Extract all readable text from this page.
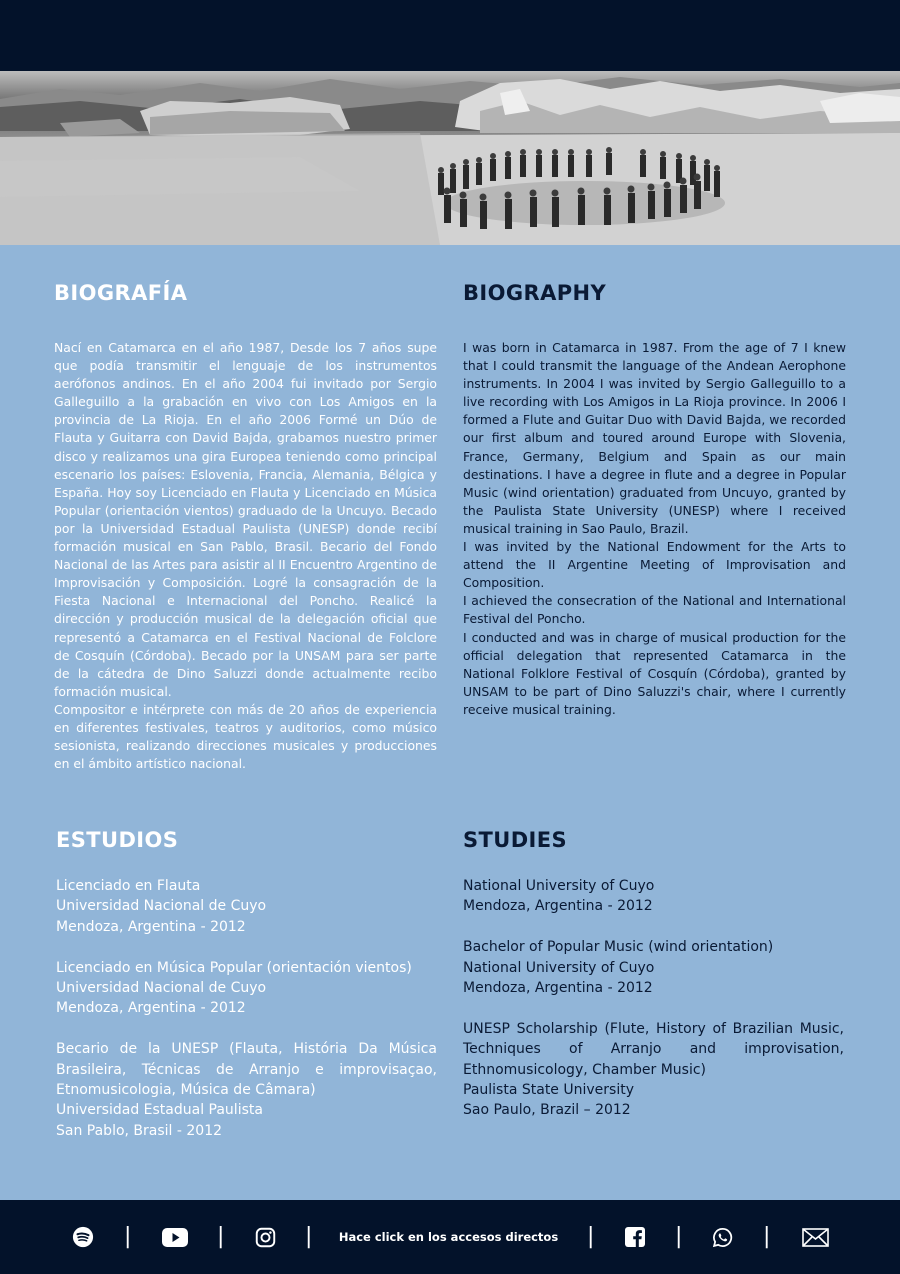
BIOGRAFÍA

Nací en Catamarca en el año 1987, Desde los 7 años supe que podía transmitir el lenguaje de los instrumentos aerófonos andinos. En el año 2004 fui invitado por Sergio Galleguillo a la grabación en vivo con Los Amigos en la provincia de La Rioja. En el año 2006 Formé un Dúo de Flauta y Guitarra con David Bajda, grabamos nuestro primer disco y realizamos una gira Europea teniendo como principal escenario los países: Eslovenia, Francia, Alemania, Bélgica y España. Hoy soy Licenciado en Flauta y Licenciado en Música Popular (orientación vientos) graduado de la Uncuyo. Becado por la Universidad Estadual Paulista (UNESP) donde recibí formación musical en San Pablo, Brasil. Becario del Fondo Nacional de las Artes para asistir al II Encuentro Argentino de Improvisación y Composición. Logré la consagración de la Fiesta Nacional e Internacional del Poncho. Realicé la dirección y producción musical de la delegación oficial que representó a Catamarca en el Festival Nacional de Folclore de Cosquín (Córdoba). Becado por la UNSAM para ser parte de la cátedra de Dino Saluzzi donde actualmente recibo formación musical.

Compositor e intérprete con más de 20 años de experiencia en diferentes festivales, teatros y auditorios, como músico sesionista, realizando direcciones musicales y producciones en el ámbito artístico nacional.

BIOGRAPHY

I was born in Catamarca in 1987. From the age of 7 I knew that I could transmit the language of the Andean Aerophone instruments. In 2004 I was invited by Sergio Galleguillo to a live recording with Los Amigos in La Rioja province. In 2006 I formed a Flute and Guitar Duo with David Bajda, we recorded our first album and toured around Europe with Slovenia, France, Germany, Belgium and Spain as our main destinations. I have a degree in flute and a degree in Popular Music (wind orientation) graduated from Uncuyo, granted by the Paulista State University (UNESP) where I received musical training in Sao Paulo, Brazil.

I was invited by the National Endowment for the Arts to attend the II Argentine Meeting of Improvisation and Composition.

I achieved the consecration of the National and International Festival del Poncho.

I conducted and was in charge of musical production for the official delegation that represented Catamarca in the National Folklore Festival of Cosquín (Córdoba), granted by UNSAM to be part of Dino Saluzzi's chair, where I currently receive musical training.

ESTUDIOS
Licenciado en Flauta
Universidad Nacional de Cuyo
Mendoza, Argentina - 2012
Licenciado en Música Popular (orientación vientos)
Universidad Nacional de Cuyo
Mendoza, Argentina - 2012
Becario de la UNESP (Flauta, História Da Música Brasileira, Técnicas de Arranjo e improvisaçao, Etnomusicologia, Música de Câmara)
Universidad Estadual Paulista
San Pablo, Brasil - 2012
STUDIES
National University of Cuyo
Mendoza, Argentina - 2012
Bachelor of Popular Music (wind orientation)
National University of Cuyo
Mendoza, Argentina - 2012
UNESP Scholarship (Flute, History of Brazilian Music, Techniques of Arranjo and improvisation, Ethnomusicology, Chamber Music)
Paulista State University
Sao Paulo, Brazil – 2012
|	|	| Hace click en los accesos directos |	|	|
